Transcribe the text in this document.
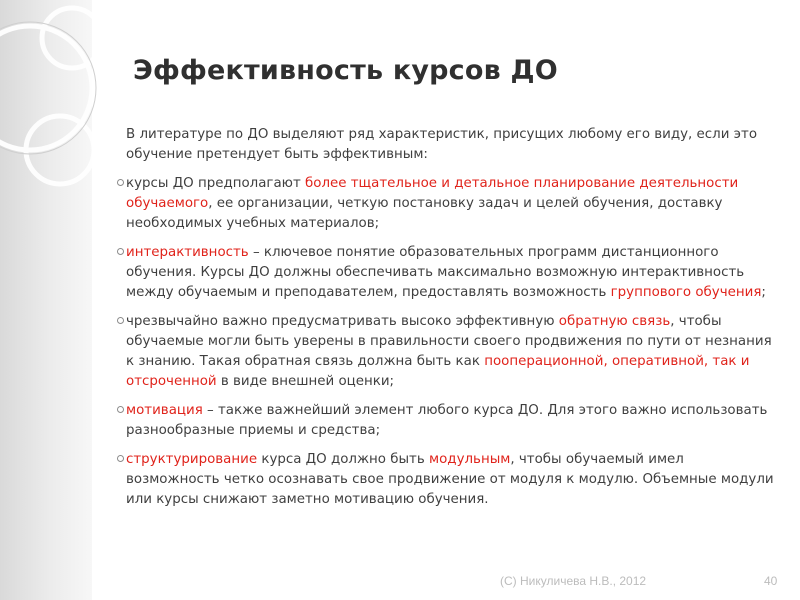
Эффективность курсов ДО
В литературе по ДО выделяют ряд характеристик, присущих любому его виду, если это обучение претендует быть эффективным:
курсы ДО предполагают более тщательное и детальное планирование деятельности обучаемого, ее организации, четкую постановку задач и целей обучения, доставку необходимых учебных материалов;
интерактивность – ключевое понятие образовательных программ дистанционного обучения. Курсы ДО должны обеспечивать максимально возможную интерактивность между обучаемым и преподавателем, предоставлять возможность группового обучения;
чрезвычайно важно предусматривать высоко эффективную обратную связь, чтобы обучаемые могли быть уверены в правильности своего продвижения по пути от незнания к знанию. Такая обратная связь должна быть как пооперационной, оперативной, так и отсроченной в виде внешней оценки;
мотивация – также важнейший элемент любого курса ДО. Для этого важно использовать разнообразные приемы и средства;
структурирование курса ДО должно быть модульным, чтобы обучаемый имел возможность четко осознавать свое продвижение от модуля к модулю. Объемные модули или курсы снижают заметно мотивацию обучения.
(C) Никуличева Н.В., 2012	40
